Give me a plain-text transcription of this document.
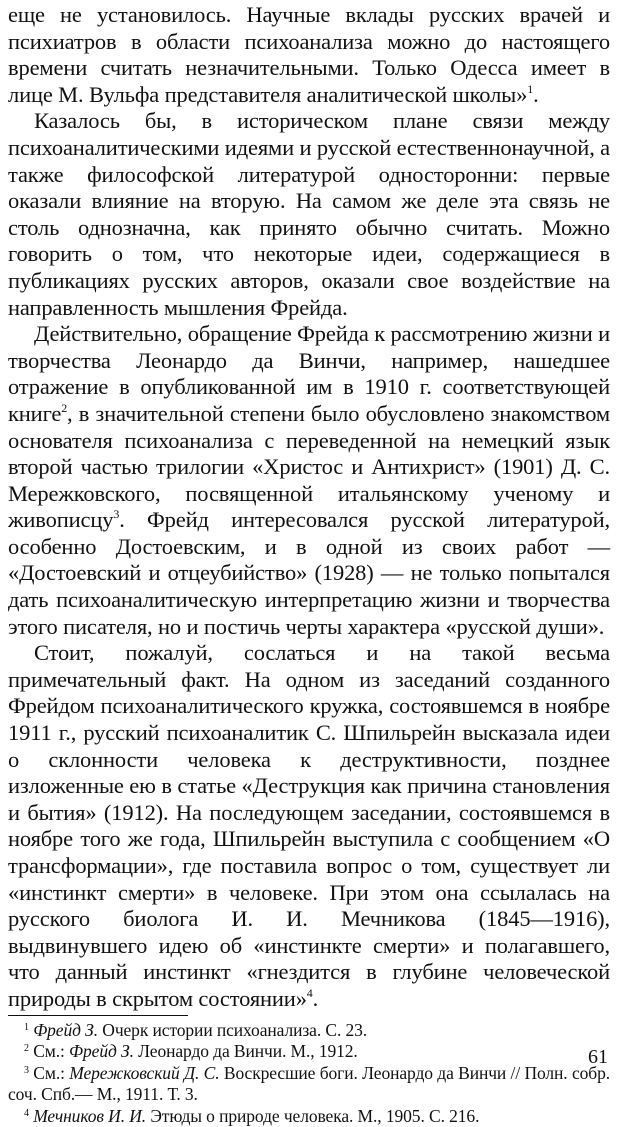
еще не установилось. Научные вклады русских врачей и психиатров в области психоанализа можно до настоящего времени считать незначительными. Только Одесса имеет в лице М. Вульфа представителя аналитической школы»$^1$.

Казалось бы, в историческом плане связи между психоаналитическими идеями и русской естественнонаучной, а также философской литературой односторонни: первые оказали влияние на вторую. На самом же деле эта связь не столь однозначна, как принято обычно считать. Можно говорить о том, что некоторые идеи, содержащиеся в публикациях русских авторов, оказали свое воздействие на направленность мышления Фрейда.

Действительно, обращение Фрейда к рассмотрению жизни и творчества Леонардо да Винчи, например, нашедшее отражение в опубликованной им в 1910 г. соответствующей книге$^2$, в значительной степени было обусловлено знакомством основателя психоанализа с переведенной на немецкий язык второй частью трилогии «Христос и Антихрист» (1901) Д. С. Мережковского, посвященной итальянскому ученому и живописцу$^3$. Фрейд интересовался русской литературой, особенно Достоевским, и в одной из своих работ — «Достоевский и отцеубийство» (1928) — не только попытался дать психоаналитическую интерпретацию жизни и творчества этого писателя, но и постичь черты характера «русской души».

Стоит, пожалуй, сослаться и на такой весьма примечательный факт. На одном из заседаний созданного Фрейдом психоаналитического кружка, состоявшемся в ноябре 1911 г., русский психоаналитик С. Шпильрейн высказала идеи о склонности человека к деструктивности, позднее изложенные ею в статье «Деструкция как причина становления и бытия» (1912). На последующем заседании, состоявшемся в ноябре того же года, Шпильрейн выступила с сообщением «О трансформации», где поставила вопрос о том, существует ли «инстинкт смерти» в человеке. При этом она ссылалась на русского биолога И. И. Мечникова (1845—1916), выдвинувшего идею об «инстинкте смерти» и полагавшего, что данный инстинкт «гнездится в глубине человеческой природы в скрытом состоянии»$^4$.

$^1$ Фрейд З. Очерк истории психоанализа. С. 23.

$^2$ См.: Фрейд З. Леонардо да Винчи. М., 1912.

$^3$ См.: Мережковский Д. С. Воскресшие боги. Леонардо да Винчи // Полн. собр. соч. Спб.— М., 1911. Т. 3.

$^4$ Мечников И. И. Этюды о природе человека. М., 1905. С. 216.

61
